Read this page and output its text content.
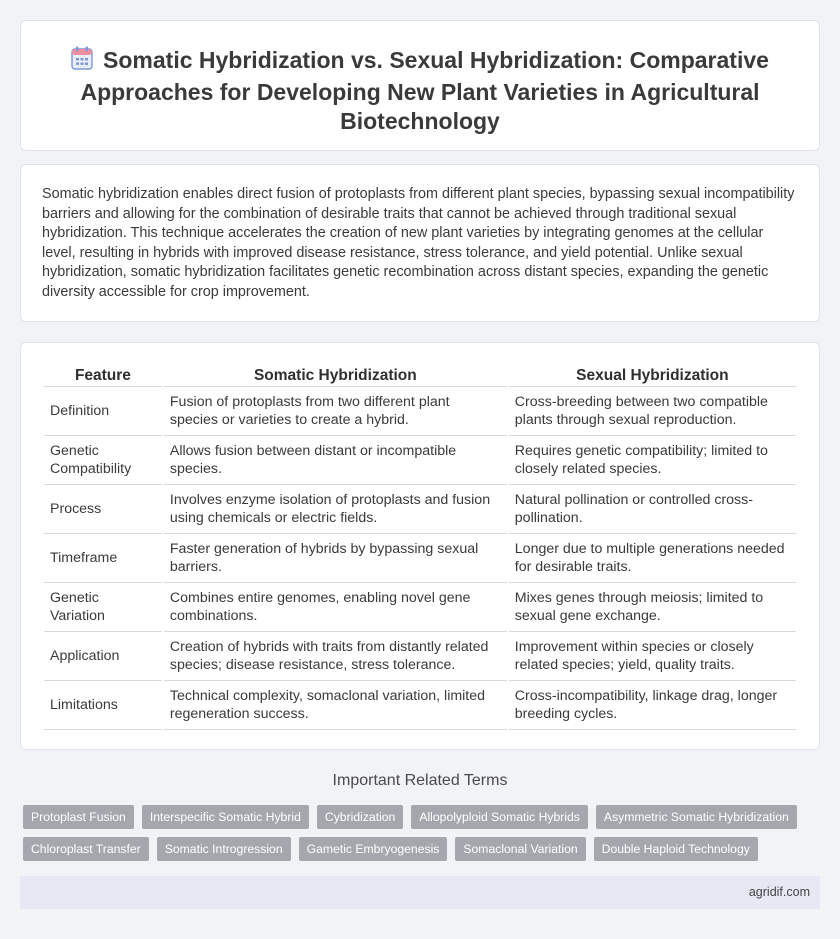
Somatic Hybridization vs. Sexual Hybridization: Comparative Approaches for Developing New Plant Varieties in Agricultural Biotechnology

Somatic hybridization enables direct fusion of protoplasts from different plant species, bypassing sexual incompatibility barriers and allowing for the combination of desirable traits that cannot be achieved through traditional sexual hybridization. This technique accelerates the creation of new plant varieties by integrating genomes at the cellular level, resulting in hybrids with improved disease resistance, stress tolerance, and yield potential. Unlike sexual hybridization, somatic hybridization facilitates genetic recombination across distant species, expanding the genetic diversity accessible for crop improvement.

Feature	Somatic Hybridization	Sexual Hybridization
Definition	Fusion of protoplasts from two different plant species or varieties to create a hybrid.	Cross-breeding between two compatible plants through sexual reproduction.
Genetic Compatibility	Allows fusion between distant or incompatible species.	Requires genetic compatibility; limited to closely related species.
Process	Involves enzyme isolation of protoplasts and fusion using chemicals or electric fields.	Natural pollination or controlled cross-pollination.
Timeframe	Faster generation of hybrids by bypassing sexual barriers.	Longer due to multiple generations needed for desirable traits.
Genetic Variation	Combines entire genomes, enabling novel gene combinations.	Mixes genes through meiosis; limited to sexual gene exchange.
Application	Creation of hybrids with traits from distantly related species; disease resistance, stress tolerance.	Improvement within species or closely related species; yield, quality traits.
Limitations	Technical complexity, somaclonal variation, limited regeneration success.	Cross-incompatibility, linkage drag, longer breeding cycles.
Important Related Terms
Protoplast Fusion	Interspecific Somatic Hybrid	Cybridization	Allopolyploid Somatic Hybrids	Asymmetric Somatic Hybridization
Chloroplast Transfer	Somatic Introgression	Gametic Embryogenesis	Somaclonal Variation	Double Haploid Technology
agridif.com
